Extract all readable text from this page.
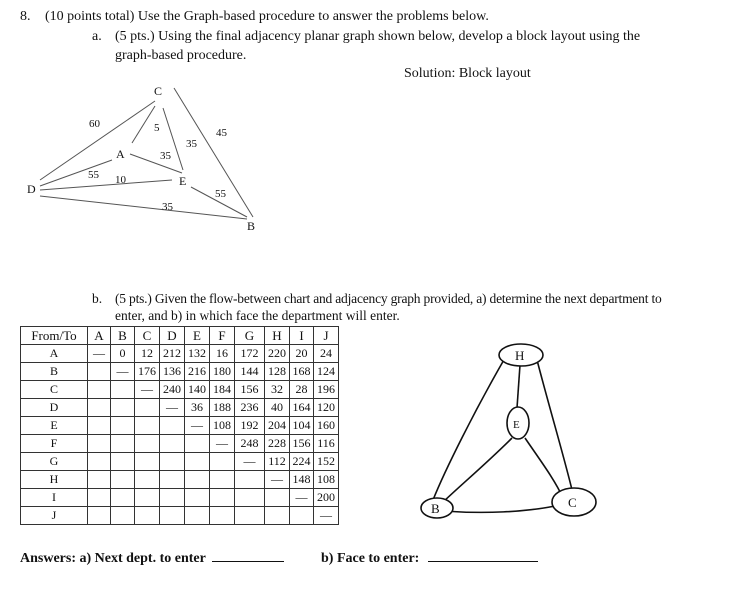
8. (10 points total) Use the Graph-based procedure to answer the problems below.
a. (5 pts.) Using the final adjacency planar graph shown below, develop a block layout using the
graph-based procedure.
Solution: Block layout
C
A
E
D
B
60	5
35
45
35
55 10
55
35
b. (5 pts.) Given the flow-between chart and adjacency graph provided, a) determine the next department to
enter, and b) in which face the department will enter.
From/To	A	B	C	D	E	F	G	H	I	J
A	—	0	12	212	132	16	172	220	20	24
B		—	176	136	216	180	144	128	168	124
C			—	240	140	184	156	32	28	196
D				—	36	188	236	40	164	120
E					—	108	192	204	104	160
F						—	248	228	156	116
G							—	112	224	152
H								—	148	108
I									—	200
J										—
H
E
B	C
Answers: a) Next dept. to enter	b) Face to enter:
